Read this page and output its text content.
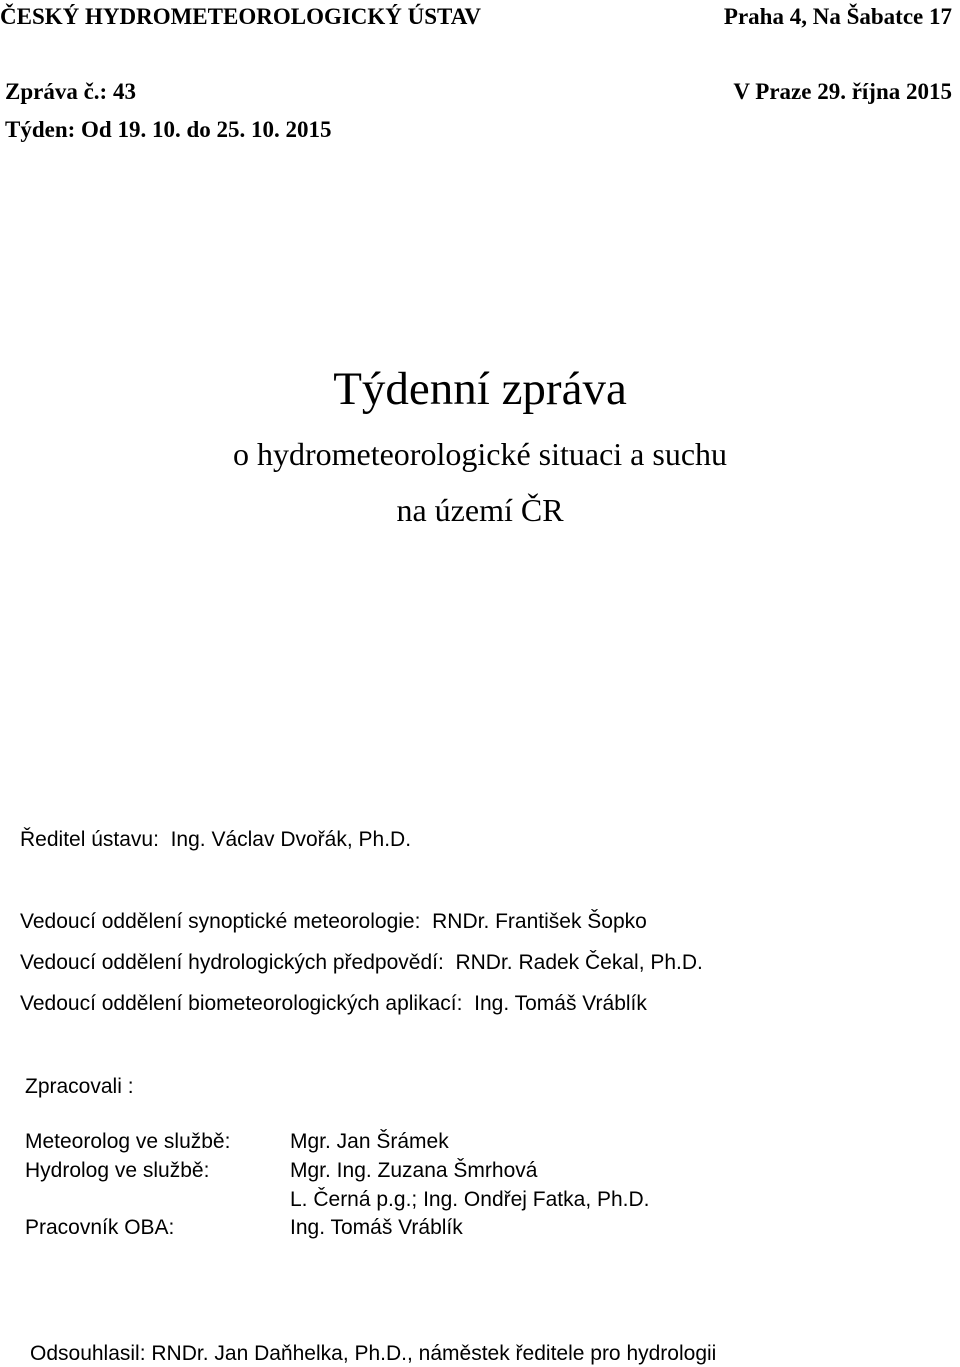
ČESKÝ HYDROMETEOROLOGICKÝ ÚSTAV	Praha 4, Na Šabatce 17
Zpráva č.: 43	V Praze 29. října 2015
Týden: Od 19. 10. do 25. 10. 2015
Týdenní zpráva
o hydrometeorologické situaci a suchu
na území ČR
Ředitel ústavu: Ing. Václav Dvořák, Ph.D.
Vedoucí oddělení synoptické meteorologie: RNDr. František Šopko
Vedoucí oddělení hydrologických předpovědí: RNDr. Radek Čekal, Ph.D.
Vedoucí oddělení biometeorologických aplikací: Ing. Tomáš Vráblík
Zpracovali :
Meteorolog ve službě:	Mgr. Jan Šrámek
Hydrolog ve službě:	Mgr. Ing. Zuzana Šmrhová
L. Černá p.g.; Ing. Ondřej Fatka, Ph.D.
Pracovník OBA:	Ing. Tomáš Vráblík
Odsouhlasil: RNDr. Jan Daňhelka, Ph.D., náměstek ředitele pro hydrologii
